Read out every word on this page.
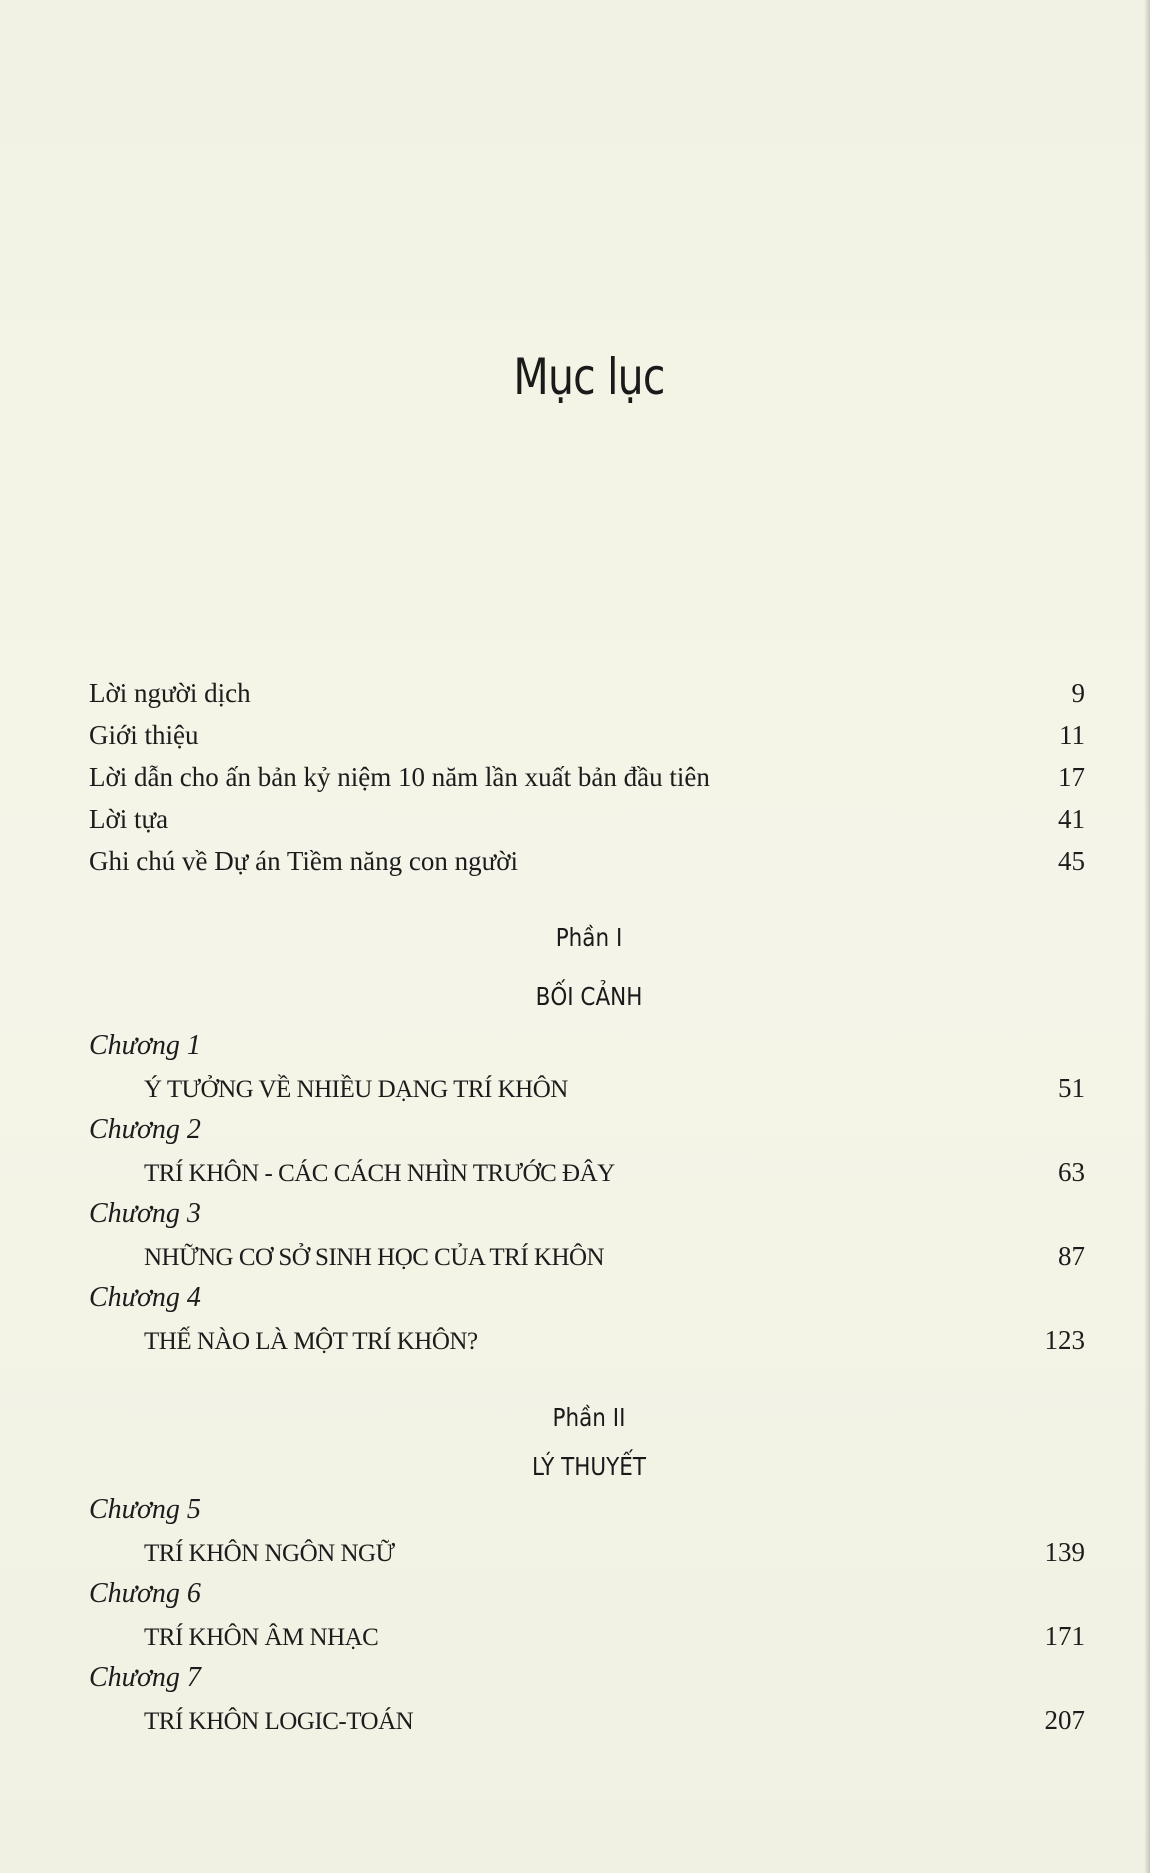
Mục lục
Lời người dịch	9
Giới thiệu	11
Lời dẫn cho ấn bản kỷ niệm 10 năm lần xuất bản đầu tiên	17
Lời tựa	41
Ghi chú về Dự án Tiềm năng con người	45
Phần I
BỐI CẢNH
Chương 1
Ý TƯỞNG VỀ NHIỀU DẠNG TRÍ KHÔN	51
Chương 2
TRÍ KHÔN - CÁC CÁCH NHÌN TRƯỚC ĐÂY	63
Chương 3
NHỮNG CƠ SỞ SINH HỌC CỦA TRÍ KHÔN	87
Chương 4
THẾ NÀO LÀ MỘT TRÍ KHÔN?	123
Phần II
LÝ THUYẾT
Chương 5
TRÍ KHÔN NGÔN NGỮ	139
Chương 6
TRÍ KHÔN ÂM NHẠC	171
Chương 7
TRÍ KHÔN LOGIC-TOÁN	207
